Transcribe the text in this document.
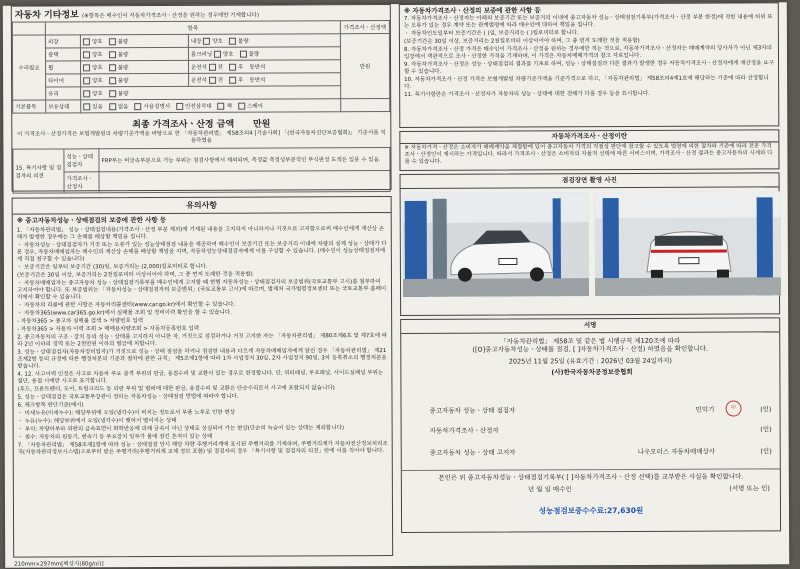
자동차 기타정보 (※항목은 매수인이 자동차가격조사ㆍ산정을 원하는 경우에만 기재합니다)
	항목			가격조사ㆍ산정액
수리필요	외장	양호 불량	내장 양호 불량	만원
	광택	양호 불량	룸크리닝 양호 불량	
	휠	양호 불량	운전석 전 후 동반석	
	타이어	양호 불량	운전석 전 후 동반석	
	유리	양호 불량		
기본품목	보유상태	있음 없음 사용설명서 안전삼각대 책 스페어		
최종 가격조사ㆍ산정 금액 만원
이 가격조사ㆍ산정가격은 보험개발원의 차량기준가액을 바탕으로 한 「자동차관리법」 제58조의4 [기술사회] 「(한국자동차진단보증협회)」 기준서를 적용하였음
15. 특기사항 및 점검자의 의견	성능ㆍ상태 점검자	FRP부는 비금속부분으로 가능 부위는 점검사항에서 제외되며, 측정값 측정성부분적인 부식판정 도색은 있을 수 있음.
	가격조사ㆍ산정자	
유의사항
※ 중고자동차성능ㆍ상태점검의 보증에 관한 사항 등

1. 「자동차관리법」 성능ㆍ상태점검내용(가격조사ㆍ산정 부분 제외)에 기재된 내용을 고지하지 아니하거나 거짓으로 고지함으로써 매수인에게 재산상 손해가 발생한 경우에는 그 손해를 배상할 책임을 집니다.

ㆍ 자동차성능ㆍ상태점검자가 거짓 또는 오류가 있는 성능상태점검 내용을 제공하여 매수인이 보증기간 또는 보증거리 이내에 차량의 실제 성능ㆍ상태가 다른 경우, 자동차매매업자는 매수인의 재산상 손해를 배상할 책임을 지며, 자동차성능상태점검자에게 이를 구상할 수 있습니다. (매수인이 성능상태점검자에게 직접 청구할 수 있습니다)

ㆍ 보증기간은 일부터 보증기간 (30)일, 보증거리는 (2,000)킬로미터로 합니다.

(보증기간은 30일 이상, 보증거리는 2천킬로미터 이상이어야 하며, 그 중 먼저 도래한 것을 적용함)

ㆍ 자동차매매업자는 중고자동차 성능ㆍ상태점검기록부를 매수인에게 고지할 때 현행 자동차성능ㆍ상태점검자의 보증범위(국토교통부 고시)를 첨부하여 고지하여야 합니다. 또 보증범위는 「자동차성능ㆍ상태점검자의 보증범위」(국토교통부 고시)에 따르며, 법제처 국가법령정보센터 또는 국토교통부 홈페이지에서 확인할 수 있습니다.

ㆍ 자동차의 리콜에 관한 사항은 자동차리콜센터(www.car.go.kr)에서 확인할 수 있습니다.

ㆍ 자동차365(www.car365.go.kr)에서 실매물 조회 및 정비이력 확인을 할 수 있습니다.

- 자동차365 > 중고차 실매물 검색 > 차량번호 입력

- 자동차365 > 자동차 이력 조회 > 매매용차량조회 > 자동차등록번호 입력

2. 중고자동차의 구조ㆍ장치 등의 성능ㆍ상태를 고지하지 아니한 자, 거짓으로 점검하거나 거짓 고지한 자는 「자동차관리법」 제80조제6호 및 제7호에 따라 2년 이하의 징역 또는 2천만원 이하의 벌금에 처합니다.

3. 성능ㆍ상태점검자(자동차정비업자)가 거짓으로 성능ㆍ상태 점검을 하거나 점검한 내용과 다르게 자동차매매업자에게 알린 경우 「자동차관리법」 제21조제2항 등의 규정에 따른 행정처분의 기준과 절차에 관한 규칙」 제5조제1항에 따라 1차 사업정지 30일, 2차 사업정지 90일, 3차 등록취소의 행정처분을 받습니다.

4. 12. 사고이력 인정은 사고로 자동차 주요 골격 부위의 판금, 용접수리 및 교환이 있는 경우로 한정합니다. 단, 쿼터패널, 루프패널, 사이드실패널 부위는 절단, 용접 시에만 사고로 표기합니다.

(후드, 프론트펜더, 도어, 트렁크리드 등 외판 부위 및 범퍼에 대한 판금, 용접수리 및 교환은 단순수리로서 사고에 포함되지 않습니다)

5. 성능ㆍ상태점검은 국토교통부장관이 정하는 자동차성능ㆍ상태점검 방법에 따라야 합니다.

6. 체크항목 판단기준(예시)

ㆍ 미세누유(미세누수): 해당부위에 오일(냉각수)이 비치는 정도로서 부품 노후로 인한 현상

ㆍ 누유(누수): 해당부위에서 오일(냉각수)이 맺혀서 떨어지는 상태

ㆍ 부식: 차량하부와 외판의 금속표면이 화학반응에 의해 금속이 아닌 상태로 상실되어 가는 현상(단순히 녹슬어 있는 상태는 제외합니다)

ㆍ 침수: 자동차의 원동기, 변속기 등 주요장치 일부가 물에 잠긴 흔적이 있는 상태

7. 「자동차관리법」 제58조제1항에 따라 성능ㆍ상태점검 당시 해당 차량 주행거리계에 표시된 주행거리를 기재하며, 주행거리계가 자동차전산정보처리조직(자동차관리정보시스템)으로부터 받은 주행거리(주행거리계 교체 정보 포함) 및 점검자의 경우 「특기사항 및 점검자의 의견」란에 이를 적어야 합니다.

210mm×297mm[백상지(80g/㎡)]
※ 자동차가격조사ㆍ산정의 보증에 관한 사항 등

7. 자동차가격조사ㆍ산정자는 아래의 보증기간 또는 보증거리 이내에 중고자동차 성능ㆍ상태점검기록부(가격조사ㆍ산정 부분 한정)에 적힌 내용에 허위 또는 오류가 있는 경우 계약 또는 관계법령에 따라 매수인에 대하여 책임을 집니다.

ㆍ 자동차인도일부터 보증기간은 ( )일, 보증거리는 ( )킬로미터로 합니다.

(보증기간은 30일 이상, 보증거리는 2천킬로미터 이상이어야 하며, 그 중 먼저 도래한 것을 적용함)

8. 자동차가격조사ㆍ산정 가격은 매수인이 가격조사ㆍ산정을 원하는 경우에만 적는 것으로, 자동차가격조사ㆍ산정자는 매매계약의 당사자가 아닌 제3자의 입장에서 객관적으로 조사ㆍ산정한 가격을 기재하며, 이 가격은 자동차매매가격의 참고 자료입니다.

9. 자동차가격조사ㆍ산정은 성능ㆍ상태점검의 결과를 기초로 하며, 성능ㆍ상태점검과 다른 결과가 발생한 경우 자동차가격조사ㆍ산정자에게 재산정을 요구할 수 있습니다.

10. 자동차가격조사ㆍ산정 가격은 보험개발원 차량기준가액을 기준가격으로 하고, 「자동차관리법」 제58조의4제1호에 해당하는 기준에 따라 산정합니다.

11. 특기사항란은 가격조사ㆍ산정자가 자동차의 성능ㆍ상태에 대한 견해가 다를 경우 등을 표시합니다.

자동차가격조사ㆍ산정이란
※ 자동차가격ㆍ산정은 소비자가 매매계약을 체결함에 있어 중고자동차 가격의 적절성 판단에 참고할 수 있도록 법령에 의한 절차와 기준에 따라 전문 가격조사ㆍ산정인이 제시하는 가격입니다. 따라서 가격조사ㆍ산정은 소비자의 자율적 선택에 따른 서비스이며, 가격조사ㆍ산정 결과는 중고자동차의 시세와 다를 수 있습니다.
점검장면 촬영 사진
서명
「자동차관리법」 제58조 및 같은 법 시행규칙 제120조에 따라
([O]중고자동차성능ㆍ상태를 점검, [ ]자동차가격조사ㆍ산정) 하였음을 확인합니다.
2025년 11월 25일 (유효기간 : 2026년 03월 24일까지)
(사)한국자동차공정보증협회
중고자동차 성능ㆍ상태 점검자	민익기	印	(인)
자동차가격조사ㆍ산정자	(인)
중고자동차 성능ㆍ상태 고지자	나우모터스 자동차매매상사	(인)
본인은 위 중고자동차성능ㆍ상태점검기록부( [ ]자동차가격조사ㆍ산정 선택)를 교부받은 사실을 확인합니다.
년 월 일 매수인	(서명 또는 인)
성능점검보증수수료:27,630원
